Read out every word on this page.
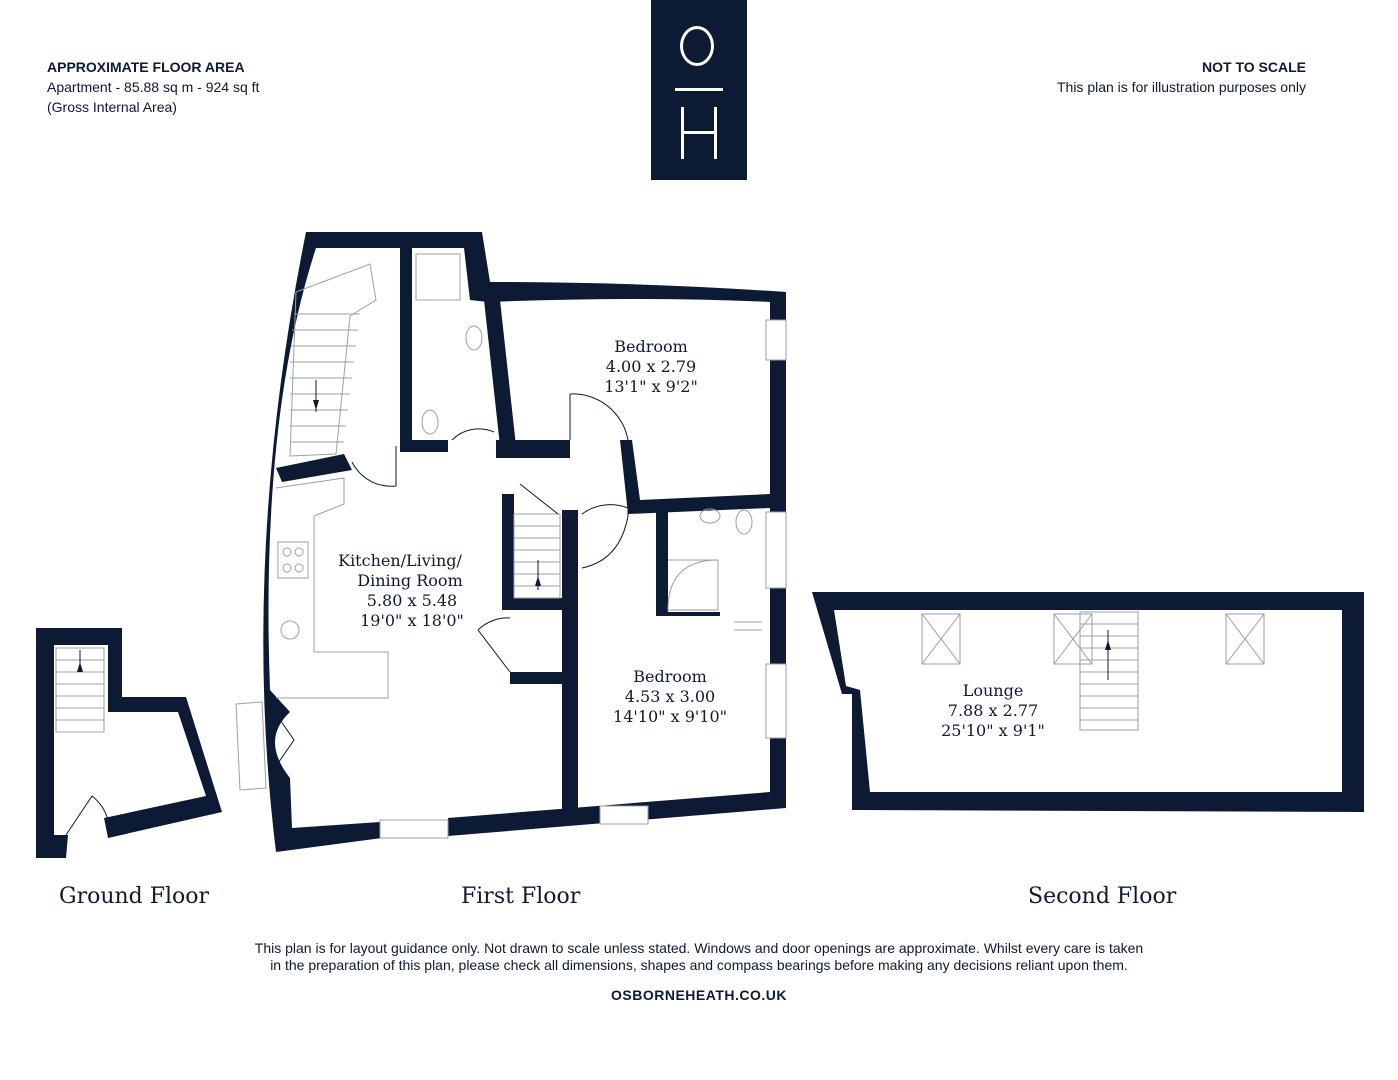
APPROXIMATE FLOOR AREA
Apartment - 85.88 sq m - 924 sq ft
(Gross Internal Area)
NOT TO SCALE
This plan is for illustration purposes only
Kitchen/Living/
Dining Room
5.80 x 5.48
19'0" x 18'0"
Bedroom
4.00 x 2.79
13'1" x 9'2"
Bedroom
4.53 x 3.00
14'10" x 9'10"
Lounge
7.88 x 2.77
25'10" x 9'1"
Ground Floor	First Floor	Second Floor
This plan is for layout guidance only. Not drawn to scale unless stated. Windows and door openings are approximate. Whilst every care is taken
in the preparation of this plan, please check all dimensions, shapes and compass bearings before making any decisions reliant upon them.
OSBORNEHEATH.CO.UK
